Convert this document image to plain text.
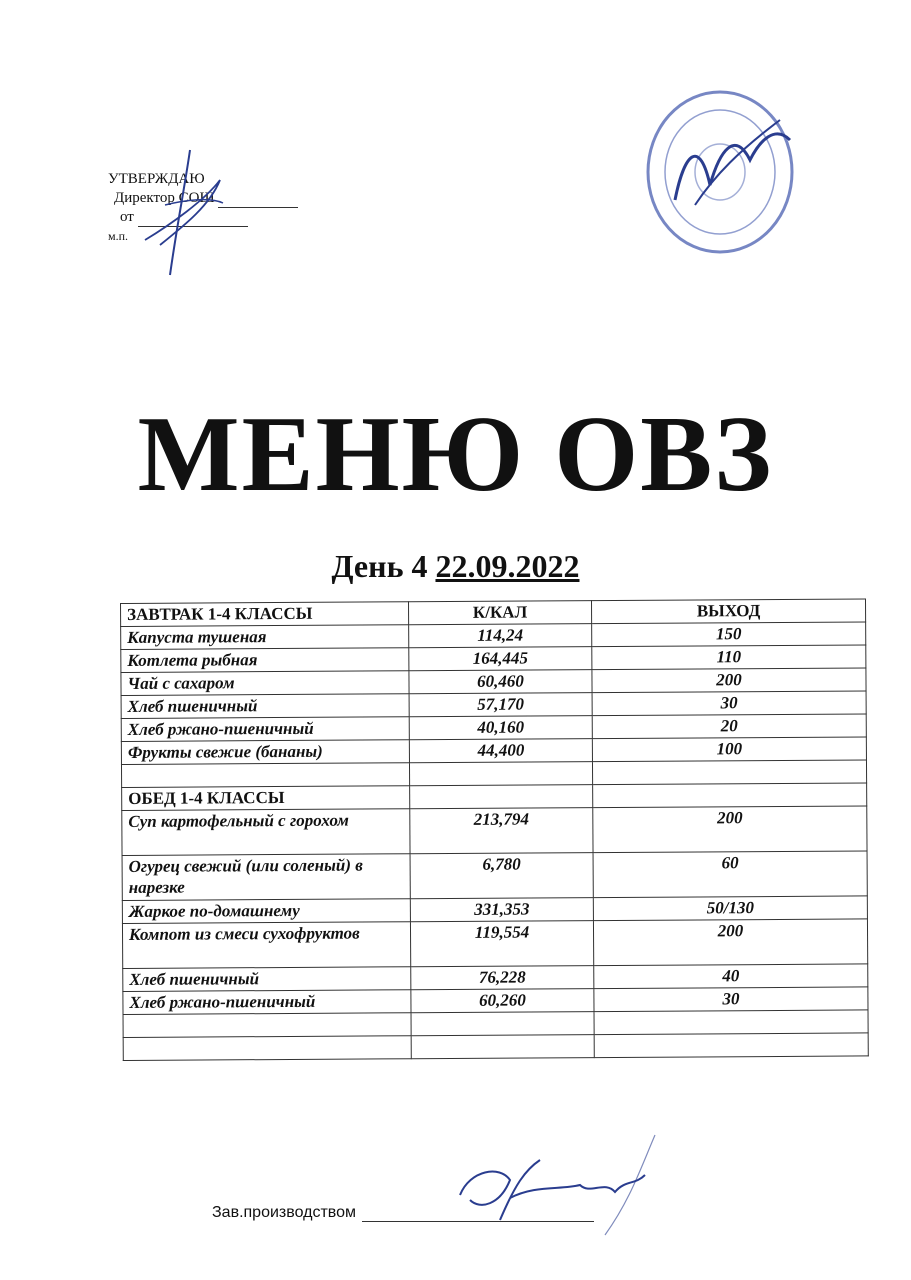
УТВЕРЖДАЮ
Директор СОШ
от
м.п.
МЕНЮ ОВЗ
День 4 22.09.2022
ЗАВТРАК 1-4 КЛАССЫ	К/КАЛ	ВЫХОД
Капуста тушеная	114,24	150
Котлета рыбная	164,445	110
Чай с сахаром	60,460	200
Хлеб пшеничный	57,170	30
Хлеб ржано-пшеничный	40,160	20
Фрукты свежие (бананы)	44,400	100

ОБЕД 1-4 КЛАССЫ		
Суп картофельный с горохом	213,794	200
Огурец свежий (или соленый) в нарезке	6,780	60
Жаркое по-домашнему	331,353	50/130
Компот из смеси сухофруктов	119,554	200
Хлеб пшеничный	76,228	40
Хлеб ржано-пшеничный	60,260	30

Зав.производством
